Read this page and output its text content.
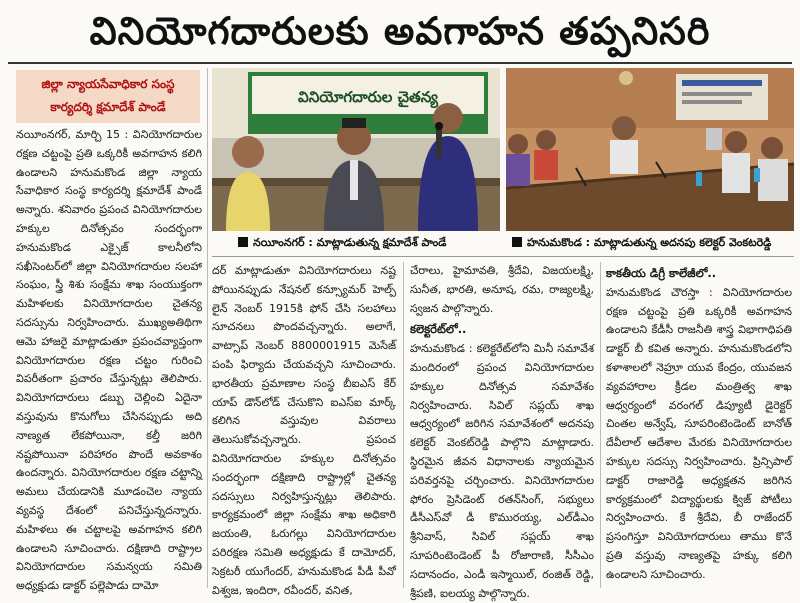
వినియోగదారులకు అవగాహన తప్పనిసరి
జిల్లా న్యాయసేవాధికార సంస్థ
కార్యదర్శి క్షమాదేశ్ పాండే

నయీంనగర్, మార్చి 15 : వినియోగదారుల రక్షణ చట్టంపై ప్రతి ఒక్కరికీ అవగాహన కలిగి ఉండాలని హనుమకొండ జిల్లా న్యాయ సేవాధికార సంస్థ కార్యదర్శి క్షమాదేశ్ పాండే అన్నారు. శనివారం ప్రపంచ వినియోగదారుల హక్కుల దినోత్సవం సందర్భంగా హనుమకొండ ఎక్సైజ్ కాలనీలోని సఖీసెంటర్‌లో జిల్లా వినియోగదారుల సలహా సంఘం, స్త్రీ శిశు సంక్షేమ శాఖ సంయుక్తంగా మహిళలకు వినియోగదారుల చైతన్య సదస్సును నిర్వహించారు. ముఖ్యఅతిథిగా ఆమె హాజరై మాట్లాడుతూ ప్రపంచవ్యాప్తంగా వినియోగదారుల రక్షణ చట్టం గురించి విపరీతంగా ప్రచారం చేస్తున్నట్లు తెలిపారు. వినియోగదారులు డబ్బు చెల్లించి ఏదైనా వస్తువును కొనుగోలు చేసినప్పుడు అది నాణ్యత లేకపోయినా, కల్తీ జరిగి నష్టపోయినా పరిహారం పొందే అవకాశం ఉందన్నారు. వినియోగదారుల రక్షణ చట్టాన్ని అమలు చేయడానికి మూడంచెల న్యాయ వ్యవస్థ దేశంలో పనిచేస్తున్నదన్నారు. మహిళలు ఈ చట్టాలపై అవగాహన కలిగి ఉండాలని సూచించారు. దక్షిణాది రాష్ట్రాల వినియోగదారుల సమన్వయ సమితి అధ్యక్షుడు డాక్టర్ పల్లెపాడు దామో

వినియోగదారుల చైతన్య
నయీంనగర్ : మాట్లాడుతున్న క్షమాదేశ్ పాండే	హనుమకొండ : మాట్లాడుతున్న అదనపు కలెక్టర్ వెంకటరెడ్డి

దర్ మాట్లాడుతూ వినియోగదారులు నష్ట పోయినప్పుడు నేషనల్ కన్స్యూమర్ హెల్ప్ లైన్ నెంబర్ 1915కి ఫోన్ చేసి సలహాలు సూచనలు పొందవచ్చన్నారు. అలాగే, వాట్సాప్ నెంబర్ 8800001915 మెసేజ్ పంపి ఫిర్యాదు చేయవచ్చని సూచించారు. భారతీయ ప్రమాణాల సంస్థ బీఐఎస్ కేర్ యాప్ డౌన్‌లోడ్ చేసుకొని ఐఎస్‌ఐ మార్క్ కలిగిన వస్తువుల వివరాలు తెలుసుకోవచ్చన్నారు. ప్రపంచ వినియోగదారుల హక్కుల దినోత్సవం సందర్భంగా దక్షిణాది రాష్ట్రాల్లో చైతన్య సదస్సులు నిర్వహిస్తున్నట్లు తెలిపారు. కార్యక్రమంలో జిల్లా సంక్షేమ శాఖ అధికారి జయంతి, ఓరుగల్లు వినియోగదారుల పరిరక్షణ సమితి అధ్యక్షుడు కే దామోదర్, సెక్రటరీ యుగేందర్, హనుమకొండ పీడీ పీవో విశ్వజ, ఇందిరా, రవీందర్, వనిత,

చేరాలు, హైమావతి, శ్రీదేవి, విజయలక్ష్మి, సునీత, భారతి, అనూష, రమ, రాజ్యలక్ష్మి, స్వజన పాల్గొన్నారు.

కలెక్టరేట్‌లో..

హనుమకొండ : కలెక్టరేట్‌లోని మినీ సమావేశ మందిరంలో ప్రపంచ వినియోగదారుల హక్కుల దినోత్సవ సమావేశం నిర్వహించారు. సివిల్ సప్లయ్ శాఖ ఆధ్వర్యంలో జరిగిన సమావేశంలో అదనపు కలెక్టర్ వెంకట్‌రెడ్డి పాల్గొని మాట్లాడారు. స్థిరమైన జీవన విధానాలకు న్యాయమైన పరివర్తనపై చర్చించారు. వినియోగదారుల ఫోరం ప్రెసిడెంట్ రతన్‌సింగ్, సభ్యులు డీసీఎస్‌వో డీ కొమురయ్య, ఎల్‌డీఎం శ్రీనివాస్, సివిల్ సప్లయ్ శాఖ సూపరింటెండెంట్ పీ రోజారాణి, సీసీఎం సదానందం, ఎండీ ఇస్మాయిల్, రంజిత్ రెడ్డి, శ్రీపణి, ఐలయ్య పాల్గొన్నారు.

కాకతీయ డిగ్రీ కాలేజీలో..

హనుమకొండ చౌరస్తా : వినియోగదారుల రక్షణ చట్టంపై ప్రతి ఒక్కరికీ అవగాహన ఉండాలని కేడీసీ రాజనీతి శాస్త్ర విభాగాధిపతి డాక్టర్ బీ కవిత అన్నారు. హనుమకొండలోని కళాశాలలో నెహ్రూ యువ కేంద్రం, యువజన వ్యవహారాల క్రీడల మంత్రిత్వ శాఖ ఆధ్వర్యంలో వరంగల్ డిప్యూటీ డైరెక్టర్ చింతల అన్వేష్, సూపరింటెండెంట్ బానోత్ దేవీలాల్ ఆదేశాల మేరకు వినియోగదారుల హక్కుల సదస్సు నిర్వహించారు. ప్రిన్సిపాల్ డాక్టర్ రాజారెడ్డి అధ్యక్షతన జరిగిన కార్యక్రమంలో విద్యార్థులకు క్విజ్ పోటీలు నిర్వహించారు. కే శ్రీదేవి, బీ రాజేందర్ ప్రసంగిస్తూ వినియోగదారులు తాము కొనే ప్రతి వస్తువు నాణ్యతపై హక్కు కలిగి ఉండాలని సూచించారు.
